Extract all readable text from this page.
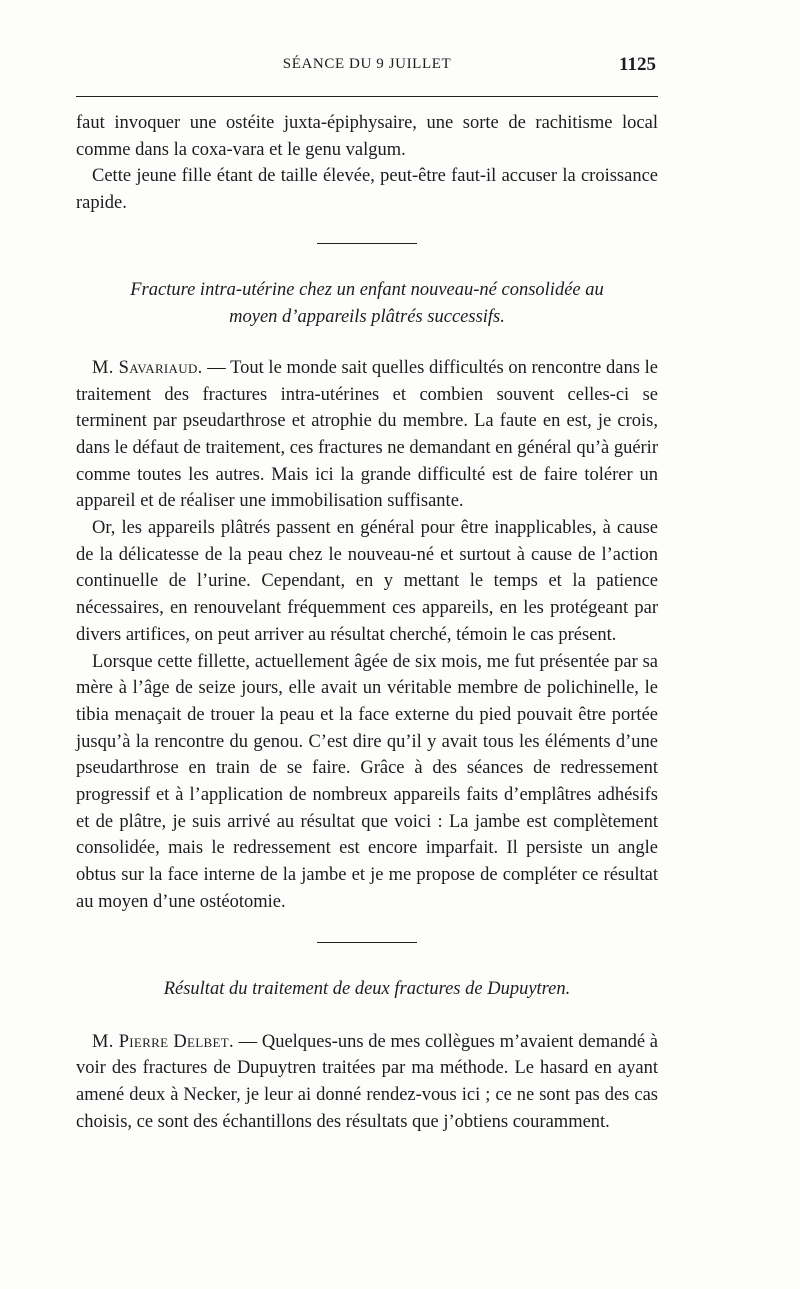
SÉANCE DU 9 JUILLET	1125

faut invoquer une ostéite juxta-épiphysaire, une sorte de rachitisme local comme dans la coxa-vara et le genu valgum.

Cette jeune fille étant de taille élevée, peut-être faut-il accuser la croissance rapide.

Fracture intra-utérine chez un enfant nouveau-né consolidée au
moyen d’appareils plâtrés successifs.

M. Savariaud. — Tout le monde sait quelles difficultés on rencontre dans le traitement des fractures intra-utérines et combien souvent celles-ci se terminent par pseudarthrose et atrophie du membre. La faute en est, je crois, dans le défaut de traitement, ces fractures ne demandant en général qu’à guérir comme toutes les autres. Mais ici la grande difficulté est de faire tolérer un appareil et de réaliser une immobilisation suffisante.

Or, les appareils plâtrés passent en général pour être inapplicables, à cause de la délicatesse de la peau chez le nouveau-né et surtout à cause de l’action continuelle de l’urine. Cependant, en y mettant le temps et la patience nécessaires, en renouvelant fréquemment ces appareils, en les protégeant par divers artifices, on peut arriver au résultat cherché, témoin le cas présent.

Lorsque cette fillette, actuellement âgée de six mois, me fut présentée par sa mère à l’âge de seize jours, elle avait un véritable membre de polichinelle, le tibia menaçait de trouer la peau et la face externe du pied pouvait être portée jusqu’à la rencontre du genou. C’est dire qu’il y avait tous les éléments d’une pseudarthrose en train de se faire. Grâce à des séances de redressement progressif et à l’application de nombreux appareils faits d’emplâtres adhésifs et de plâtre, je suis arrivé au résultat que voici : La jambe est complètement consolidée, mais le redressement est encore imparfait. Il persiste un angle obtus sur la face interne de la jambe et je me propose de compléter ce résultat au moyen d’une ostéotomie.

Résultat du traitement de deux fractures de Dupuytren.

M. Pierre Delbet. — Quelques-uns de mes collègues m’avaient demandé à voir des fractures de Dupuytren traitées par ma méthode. Le hasard en ayant amené deux à Necker, je leur ai donné rendez-vous ici ; ce ne sont pas des cas choisis, ce sont des échantillons des résultats que j’obtiens couramment.
